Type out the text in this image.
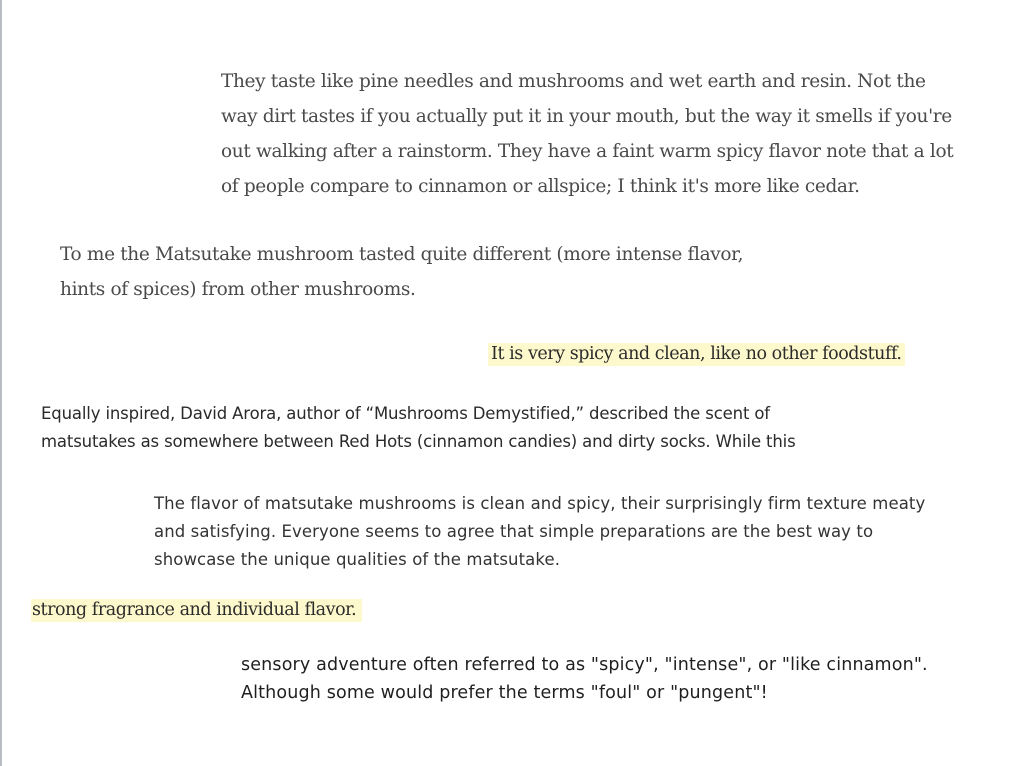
They taste like pine needles and mushrooms and wet earth and resin. Not the
way dirt tastes if you actually put it in your mouth, but the way it smells if you're
out walking after a rainstorm. They have a faint warm spicy flavor note that a lot
of people compare to cinnamon or allspice; I think it's more like cedar.
To me the Matsutake mushroom tasted quite different (more intense flavor,
hints of spices) from other mushrooms.
It is very spicy and clean, like no other foodstuff.
Equally inspired, David Arora, author of “Mushrooms Demystified,” described the scent of
matsutakes as somewhere between Red Hots (cinnamon candies) and dirty socks. While this
The flavor of matsutake mushrooms is clean and spicy, their surprisingly firm texture meaty
and satisfying. Everyone seems to agree that simple preparations are the best way to
showcase the unique qualities of the matsutake.
strong fragrance and individual flavor.
sensory adventure often referred to as "spicy", "intense", or "like cinnamon".
Although some would prefer the terms "foul" or "pungent"!
